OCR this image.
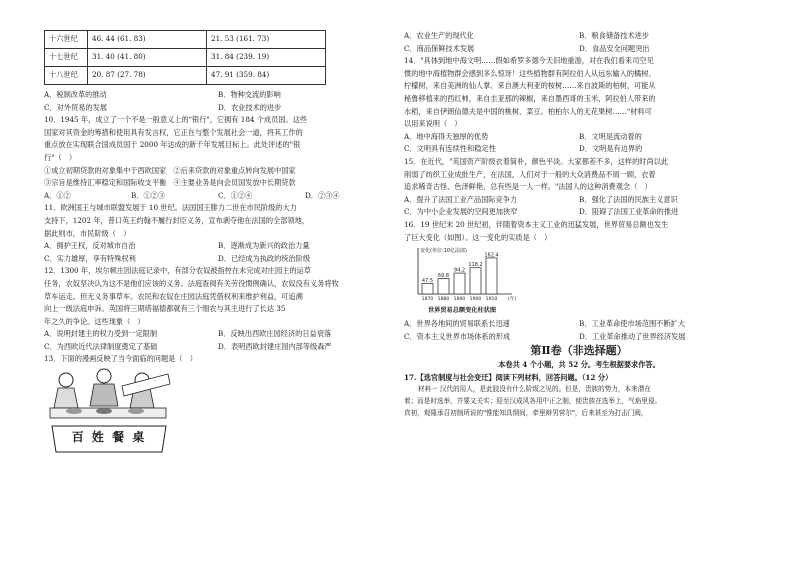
十六世纪	46. 44 (61. 83)	21. 53 (161. 73)
十七世纪	31. 40 (41. 80)	31. 84 (239. 19)
十八世纪	20. 87 (27. 78)	47. 91 (359. 84)
A．税制改革的推动	B．物种交流的影响
C．对外贸易的发展	D．农业技术的进步
10．1945 年，成立了一个不是一般意义上的"银行"，它拥有 184 个成员国。这些
国家对其资金的筹措和使用具有发言权，它正在与整个发展社会一道，将其工作的
重点放在实现联合国成员国于 2000 年达成的新千年发展目标上。此处评述的"银
行"（　）
①成立初期贷款的对象集中于西欧国家　②后来贷款的对象重点转向发展中国家
③宗旨是维持汇率稳定和国际收支平衡　④主要业务是向会员国发放中长期贷款
A．①②	B．①②③	C．①②④	D．②③④
11．欧洲国王与城市联盟发展于 10 世纪。法国国王腓力二世在市民阶级的大力
支持下，1202 年，普口英王约翰不履行封臣义务，宣布剥夺他在法国的全部领地，
据此则市，市民阶级（　）
A．拥护王权，反对城市自治	B．逐渐成为新兴的政治力量
C．实力雄厚，享有特殊权利	D．已经成为执政的统治阶级
12．1300 年，埃尔顿庄园法庭记录中，有部分农奴被指控在未完成对庄园主的运草
任务，农奴坚决认为这不是他们应该的义务。法庭查阅有关劳役惯例确认，农奴没有义务将牧
草车运走。但无义务事草车。农民和农奴在庄园法庭凭借权利来维护利益，可追溯
向上一级法庭申诉。英国将三期塔福德都就有三个细农与其主进行了长达 35
年之久的争论。这些现象（　）
A．说明封建主的权力受到一定限制	B．反映出西欧庄园经济的日益衰落
C．为西欧近代法律制度奠定了基础	D．表明西欧封建庄园内部等级森严
13．下面的漫画反映了当今面临的问题是（　）
百 姓 餐 桌
A．农业生产的现代化	B．粮食储备技术进步
C．商品保鲜技术发展	D．食品安全问题突出
14．"具体到地中海文明……假如希罗多德今天旧地重游，对在我们看来司空见
惯的地中海植物群会感到多么惊讶！这些植物群有阿拉伯人从远东输入的橘树、
柠檬树，来自美洲的仙人掌、来自澳大利亚的桉树……来自波斯的柏树，可能从
秘鲁移植来的西红柿，来自圭亚那的辣椒，来自墨西哥的玉米，阿拉伯人带来的
水稻，来自伊朗仙德夫是中国的桃树、菜豆。柏柏尔人的无花果树……"材料可
以用来说明（　）
A．地中海得天独厚的优势	B．文明是流动着的
C．文明具有连续性和稳定性	D．文明是有边界的
15．在近代，"英国资产阶级衣着简朴，颜色平淡。大家都差不多，这样的时尚以此
削弱了纺织工业成批生产，在法国，人们对于一般的大众消费品不屑一顾，衣着
追求稀奇古怪、色泽鲜艳，总有些是一人一样。"法国人的这种消费观念（　）
A．提升了法国工业产品国际竞争力	B．强化了法国的民族主义意识
C．为中小企业发展的空间更加狭窄	D．阻碍了法国工业革命的推进
16．19 世纪末 20 世纪初，伴随着资本主义工业的迅猛发展，世界贸易总额也发生
了巨大变化（如图）。这一变化的实质是（　）
变化(单位:10亿法郎)
47.5
1870
69.8
1880
94.2
1890
118.2
1900
162.4
1910 (年)
世界贸易总额变化柱状图
A．世界各地间的贸易联系长迅速	B．工业革命使市场范围不断扩大
C．资本主义世界市场体系的形成	D．工业革命推动了世界经济发展
第Ⅱ卷（非选择题）
本卷共 4 个小题，共 52 分。考生根据要求作答。
17.【选官制度与社会变迁】阅读下列材料，回答问题。（12 分）
材料一 汉代的用人，是此胶没有什么阶级之见的。但是，贵族的势力，本来潜在
着；而是时选举，并要又关实；迎至汉成风各用中正之制，便贵族在选举上，气焰里侵。
真初，观隆承召初制所说的"惟能知具纲间，牵里辩男营尔"，后来甚至为打击门阀，
